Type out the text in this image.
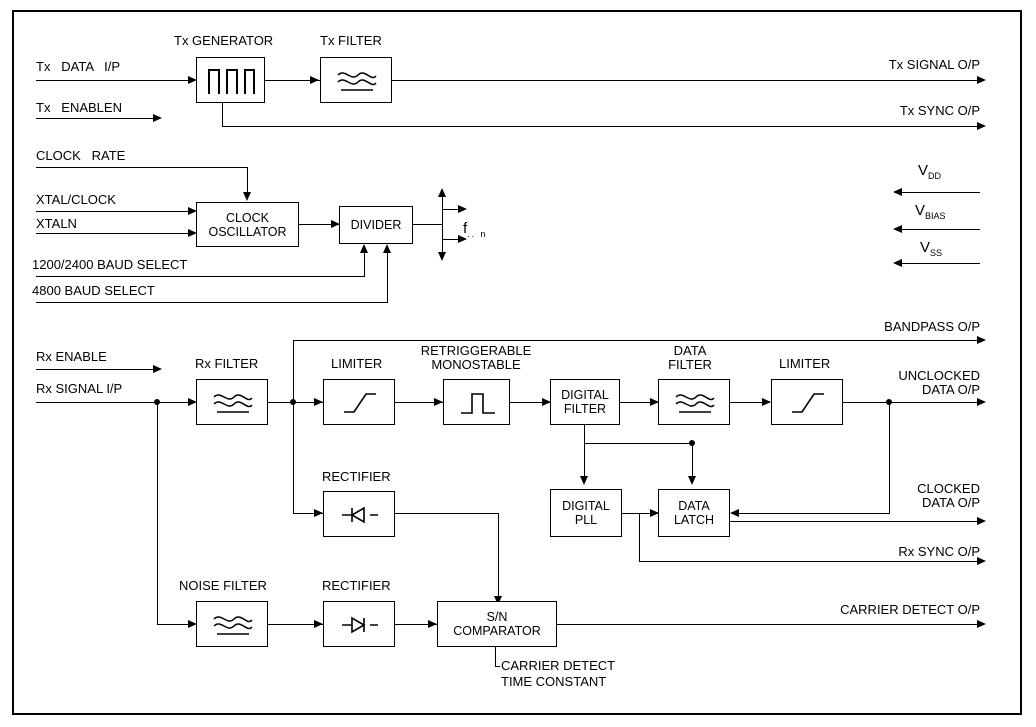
Tx   DATA   I/P
Tx   ENABLEN
Tx GENERATOR	Tx FILTER
Tx SIGNAL O/P
Tx SYNC O/P
CLOCK   RATE
XTAL/CLOCK
XTALN	CLOCK
OSCILLATOR	DIVIDER	$f_{..}$ $_n$
1200/2400 BAUD SELECT
4800 BAUD SELECT
$V_{DD}$
$V_{BIAS}$
$V_{SS}$
BANDPASS O/P
Rx ENABLE
Rx SIGNAL I/P
Rx FILTER	LIMITER
RETRIGGERABLE
MONOSTABLE
DIGITAL
FILTER
DATA
FILTER	LIMITER
UNCLOCKED
DATA O/P
DIGITAL
PLL
DATA
LATCH
CLOCKED
DATA O/P
Rx SYNC O/P
RECTIFIER
NOISE FILTER	RECTIFIER
S/N
COMPARATOR
CARRIER DETECT O/P
CARRIER DETECT
TIME CONSTANT
